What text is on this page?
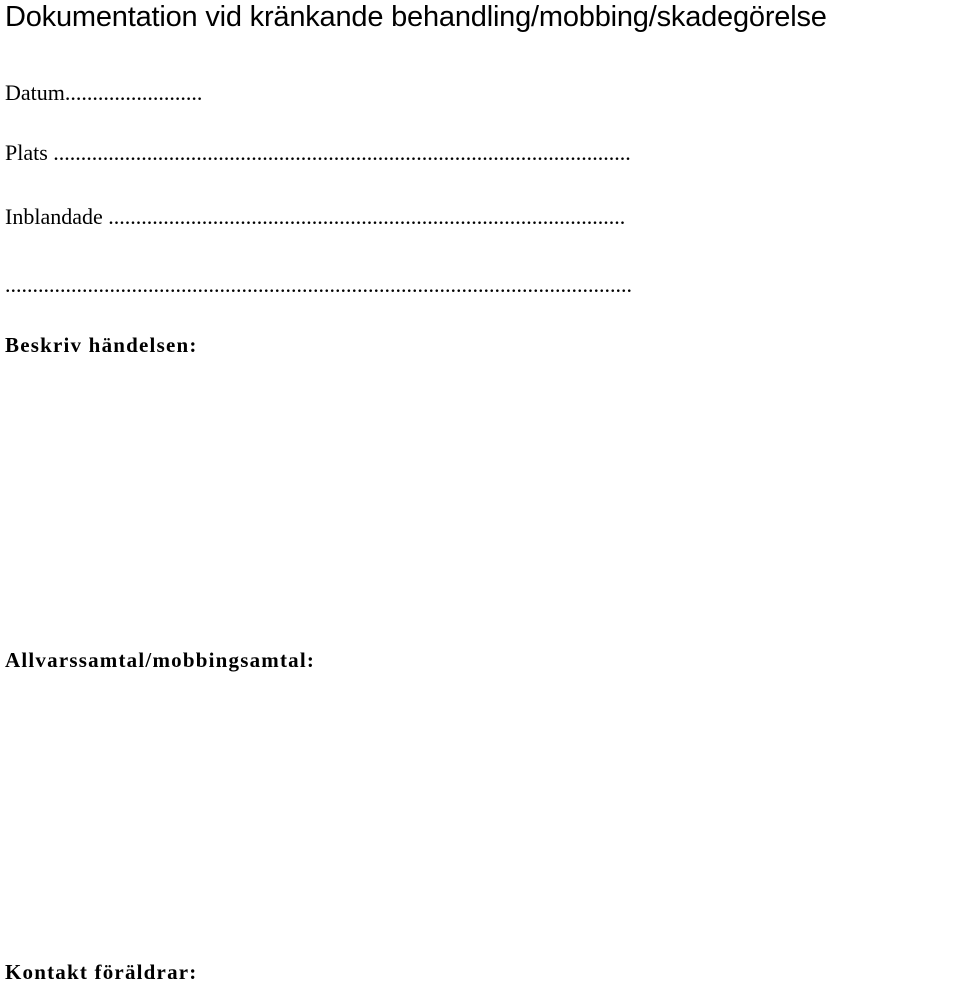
Dokumentation vid kränkande behandling/mobbing/skadegörelse
Datum.........................
Plats .........................................................................................................
Inblandade ..............................................................................................
..................................................................................................................
Beskriv händelsen:
Allvarssamtal/mobbingsamtal:
Kontakt föräldrar:
